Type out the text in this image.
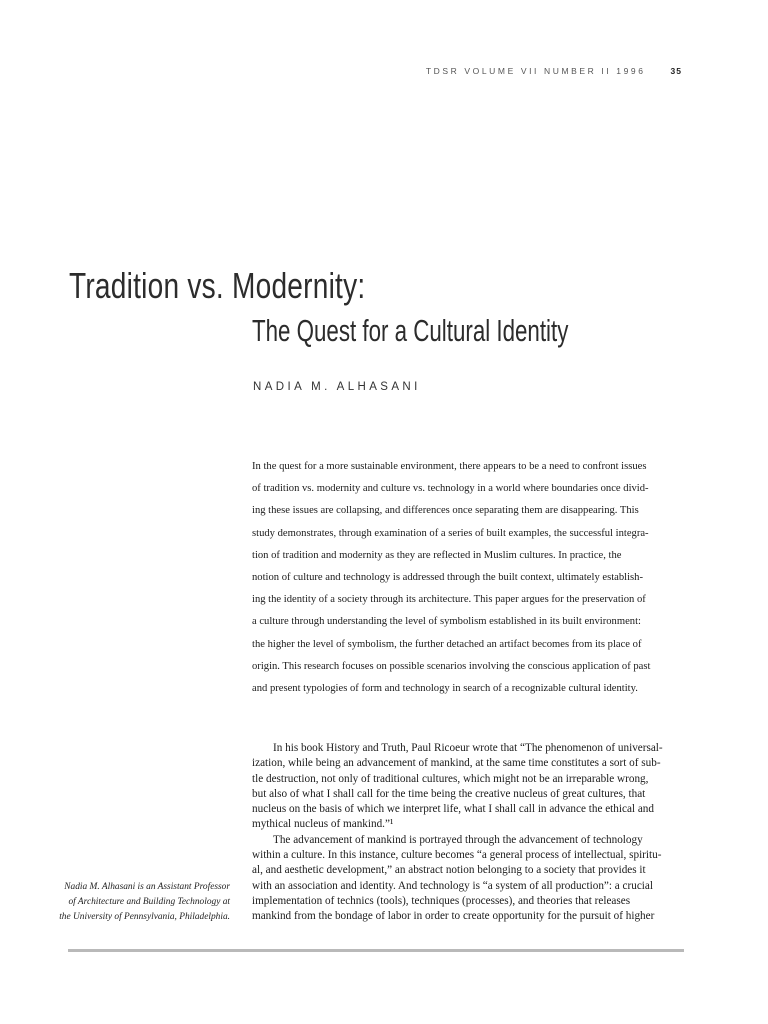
TDSR VOLUME VII NUMBER II 1996	35
Tradition vs. Modernity:
The Quest for a Cultural Identity
NADIA M. ALHASANI
In the quest for a more sustainable environment, there appears to be a need to confront issues
of tradition vs. modernity and culture vs. technology in a world where boundaries once divid-
ing these issues are collapsing, and differences once separating them are disappearing. This
study demonstrates, through examination of a series of built examples, the successful integra-
tion of tradition and modernity as they are reflected in Muslim cultures. In practice, the
notion of culture and technology is addressed through the built context, ultimately establish-
ing the identity of a society through its architecture. This paper argues for the preservation of
a culture through understanding the level of symbolism established in its built environment:
the higher the level of symbolism, the further detached an artifact becomes from its place of
origin. This research focuses on possible scenarios involving the conscious application of past
and present typologies of form and technology in search of a recognizable cultural identity.
In his book History and Truth, Paul Ricoeur wrote that “The phenomenon of universal-
ization, while being an advancement of mankind, at the same time constitutes a sort of sub-
tle destruction, not only of traditional cultures, which might not be an irreparable wrong,
but also of what I shall call for the time being the creative nucleus of great cultures, that
nucleus on the basis of which we interpret life, what I shall call in advance the ethical and
mythical nucleus of mankind.”¹
The advancement of mankind is portrayed through the advancement of technology
within a culture. In this instance, culture becomes “a general process of intellectual, spiritu-
al, and aesthetic development,” an abstract notion belonging to a society that provides it
with an association and identity. And technology is “a system of all production”: a crucial
implementation of technics (tools), techniques (processes), and theories that releases
mankind from the bondage of labor in order to create opportunity for the pursuit of higher
Nadia M. Alhasani is an Assistant Professor
of Architecture and Building Technology at
the University of Pennsylvania, Philadelphia.
